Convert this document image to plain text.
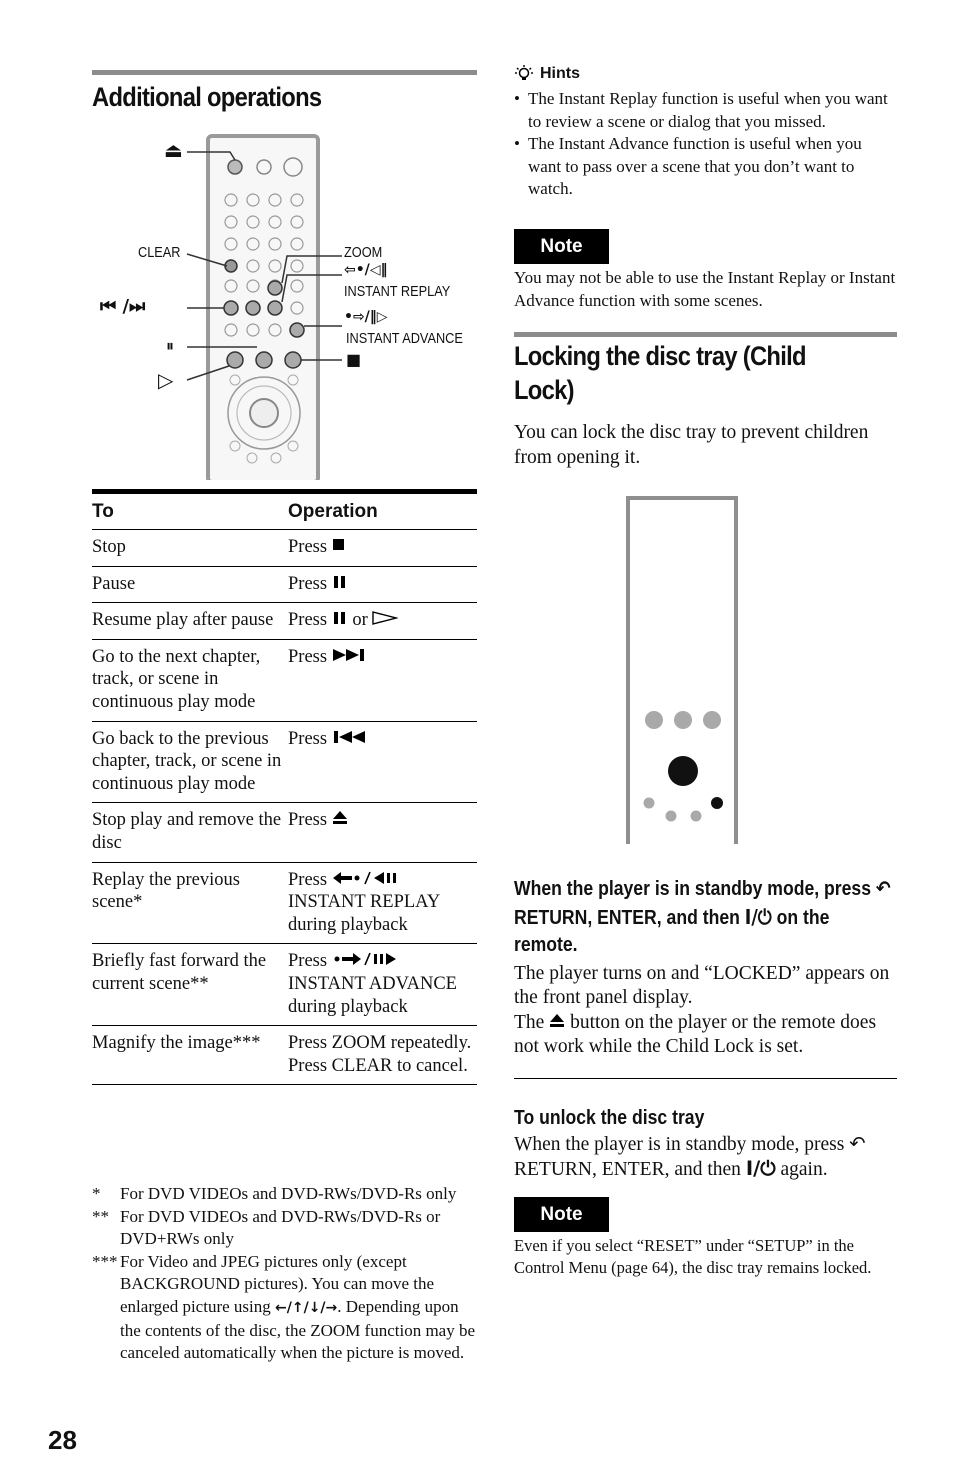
Additional operations
⏏
CLEAR
⏮ /⏭
⏸
▷
ZOOM
⇦•/◁‖
INSTANT REPLAY
•⇨/‖▷
INSTANT ADVANCE
■
To	Operation
Stop	Press
Pause	Press
Resume play after pause	Press or
Go to the next chapter, track, or scene in continuous play mode	Press
Go back to the previous chapter, track, or scene in continuous play mode	Press
Stop play and remove the disc	Press
Replay the previous scene*	Press
INSTANT REPLAY during playback
Briefly fast forward the current scene**	Press
INSTANT ADVANCE during playback
Magnify the image***	Press ZOOM repeatedly.
Press CLEAR to cancel.
*	For DVD VIDEOs and DVD-RWs/DVD-Rs only
** For DVD VIDEOs and DVD-RWs/DVD-Rs or DVD+RWs only
*** For Video and JPEG pictures only (except BACKGROUND pictures). You can move the enlarged picture using ←/↑/↓/→. Depending upon the contents of the disc, the ZOOM function may be canceled automatically when the picture is moved.
28
Hints
• The Instant Replay function is useful when you want to review a scene or dialog that you missed.
• The Instant Advance function is useful when you want to pass over a scene that you don’t want to watch.
Note
You may not be able to use the Instant Replay or Instant Advance function with some scenes.
Locking the disc tray (Child Lock)
You can lock the disc tray to prevent children from opening it.
When the player is in standby mode, press ↶ RETURN, ENTER, and then I/⏻ on the remote.
The player turns on and “LOCKED” appears on the front panel display.
The button on the player or the remote does not work while the Child Lock is set.
To unlock the disc tray
When the player is in standby mode, press ↶ RETURN, ENTER, and then I/⏻ again.
Note
Even if you select “RESET” under “SETUP” in the Control Menu (page 64), the disc tray remains locked.
